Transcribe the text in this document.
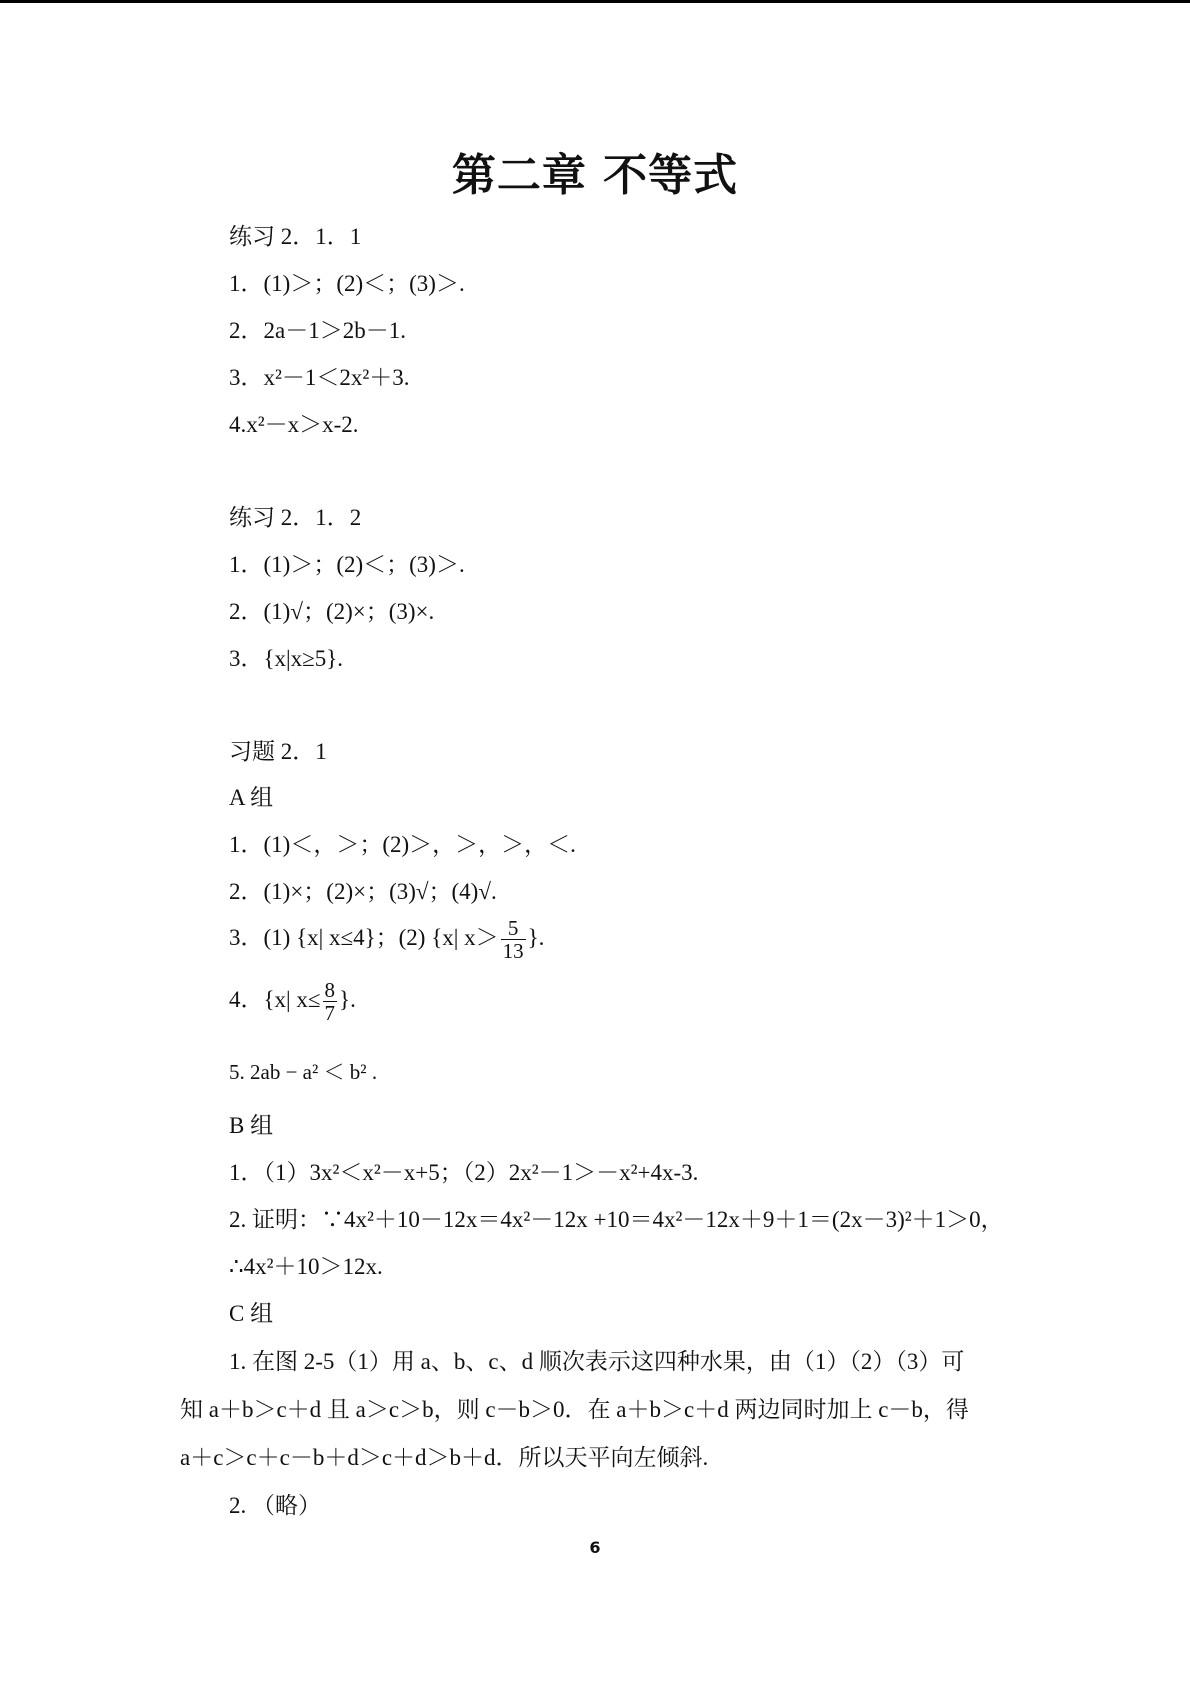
第二章 不等式
练习 2．1．1
1．(1)＞；(2)＜；(3)＞.
2．2a－1＞2b－1.
3．x²－1＜2x²＋3.
4.x²－x＞x-2.
练习 2．1．2
1．(1)＞；(2)＜；(3)＞.
2．(1)√；(2)×；(3)×.
3．{x|x≥5}.
习题 2．1
A 组
1．(1)＜，＞；(2)＞，＞，＞，＜.
2．(1)×；(2)×；(3)√；(4)√.
3．(1) {x| x≤4}；(2) {x| $x> \frac{5}{13}$ }.
4．{x| $x\le \frac{8}{7}$ }.
5. 2ab − a² ＜ b² .
B 组
1．（1）3x²＜x²－x+5；（2）2x²－1＞－x²+4x-3.
2. 证明：∵4x²＋10－12x＝4x²－12x +10＝4x²－12x＋9＋1＝(2x－3)²＋1＞0，
∴4x²＋10＞12x.
C 组
1. 在图 2-5（1）用 a、b、c、d 顺次表示这四种水果，由（1）（2）（3）可
知 a＋b＞c＋d 且 a＞c＞b，则 c－b＞0．在 a＋b＞c＋d 两边同时加上 c－b，得
a＋c＞c＋c－b＋d＞c＋d＞b＋d．所以天平向左倾斜.
2. （略）
6
